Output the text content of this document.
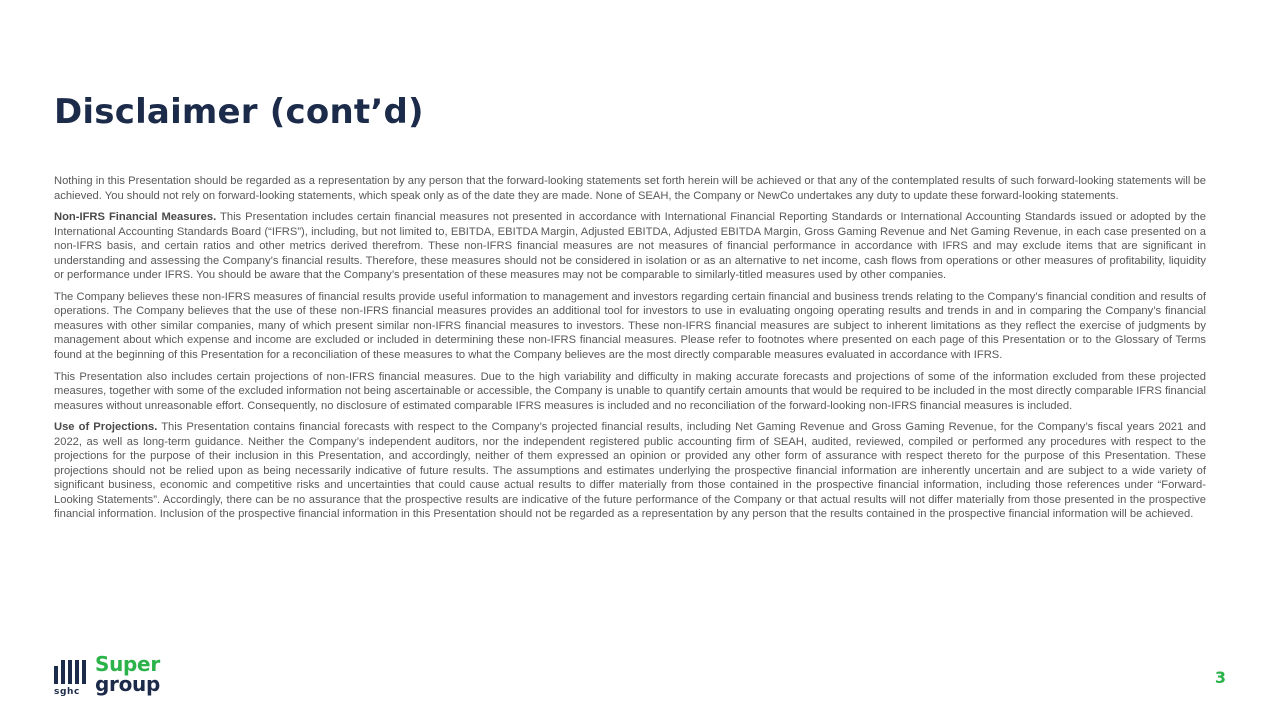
Disclaimer (cont’d)

Nothing in this Presentation should be regarded as a representation by any person that the forward-looking statements set forth herein will be achieved or that any of the contemplated results of such forward-looking statements will be achieved. You should not rely on forward-looking statements, which speak only as of the date they are made. None of SEAH, the Company or NewCo undertakes any duty to update these forward-looking statements.

Non-IFRS Financial Measures. This Presentation includes certain financial measures not presented in accordance with International Financial Reporting Standards or International Accounting Standards issued or adopted by the International Accounting Standards Board (“IFRS”), including, but not limited to, EBITDA, EBITDA Margin, Adjusted EBITDA, Adjusted EBITDA Margin, Gross Gaming Revenue and Net Gaming Revenue, in each case presented on a non-IFRS basis, and certain ratios and other metrics derived therefrom. These non-IFRS financial measures are not measures of financial performance in accordance with IFRS and may exclude items that are significant in understanding and assessing the Company’s financial results. Therefore, these measures should not be considered in isolation or as an alternative to net income, cash flows from operations or other measures of profitability, liquidity or performance under IFRS. You should be aware that the Company’s presentation of these measures may not be comparable to similarly-titled measures used by other companies.

The Company believes these non-IFRS measures of financial results provide useful information to management and investors regarding certain financial and business trends relating to the Company’s financial condition and results of operations. The Company believes that the use of these non-IFRS financial measures provides an additional tool for investors to use in evaluating ongoing operating results and trends in and in comparing the Company’s financial measures with other similar companies, many of which present similar non-IFRS financial measures to investors. These non-IFRS financial measures are subject to inherent limitations as they reflect the exercise of judgments by management about which expense and income are excluded or included in determining these non-IFRS financial measures. Please refer to footnotes where presented on each page of this Presentation or to the Glossary of Terms found at the beginning of this Presentation for a reconciliation of these measures to what the Company believes are the most directly comparable measures evaluated in accordance with IFRS.

This Presentation also includes certain projections of non-IFRS financial measures. Due to the high variability and difficulty in making accurate forecasts and projections of some of the information excluded from these projected measures, together with some of the excluded information not being ascertainable or accessible, the Company is unable to quantify certain amounts that would be required to be included in the most directly comparable IFRS financial measures without unreasonable effort. Consequently, no disclosure of estimated comparable IFRS measures is included and no reconciliation of the forward-looking non-IFRS financial measures is included.

Use of Projections. This Presentation contains financial forecasts with respect to the Company’s projected financial results, including Net Gaming Revenue and Gross Gaming Revenue, for the Company’s fiscal years 2021 and 2022, as well as long-term guidance. Neither the Company’s independent auditors, nor the independent registered public accounting firm of SEAH, audited, reviewed, compiled or performed any procedures with respect to the projections for the purpose of their inclusion in this Presentation, and accordingly, neither of them expressed an opinion or provided any other form of assurance with respect thereto for the purpose of this Presentation. These projections should not be relied upon as being necessarily indicative of future results. The assumptions and estimates underlying the prospective financial information are inherently uncertain and are subject to a wide variety of significant business, economic and competitive risks and uncertainties that could cause actual results to differ materially from those contained in the prospective financial information, including those references under “Forward-Looking Statements”. Accordingly, there can be no assurance that the prospective results are indicative of the future performance of the Company or that actual results will not differ materially from those presented in the prospective financial information. Inclusion of the prospective financial information in this Presentation should not be regarded as a representation by any person that the results contained in the prospective financial information will be achieved.

sghc
Super
group	3
